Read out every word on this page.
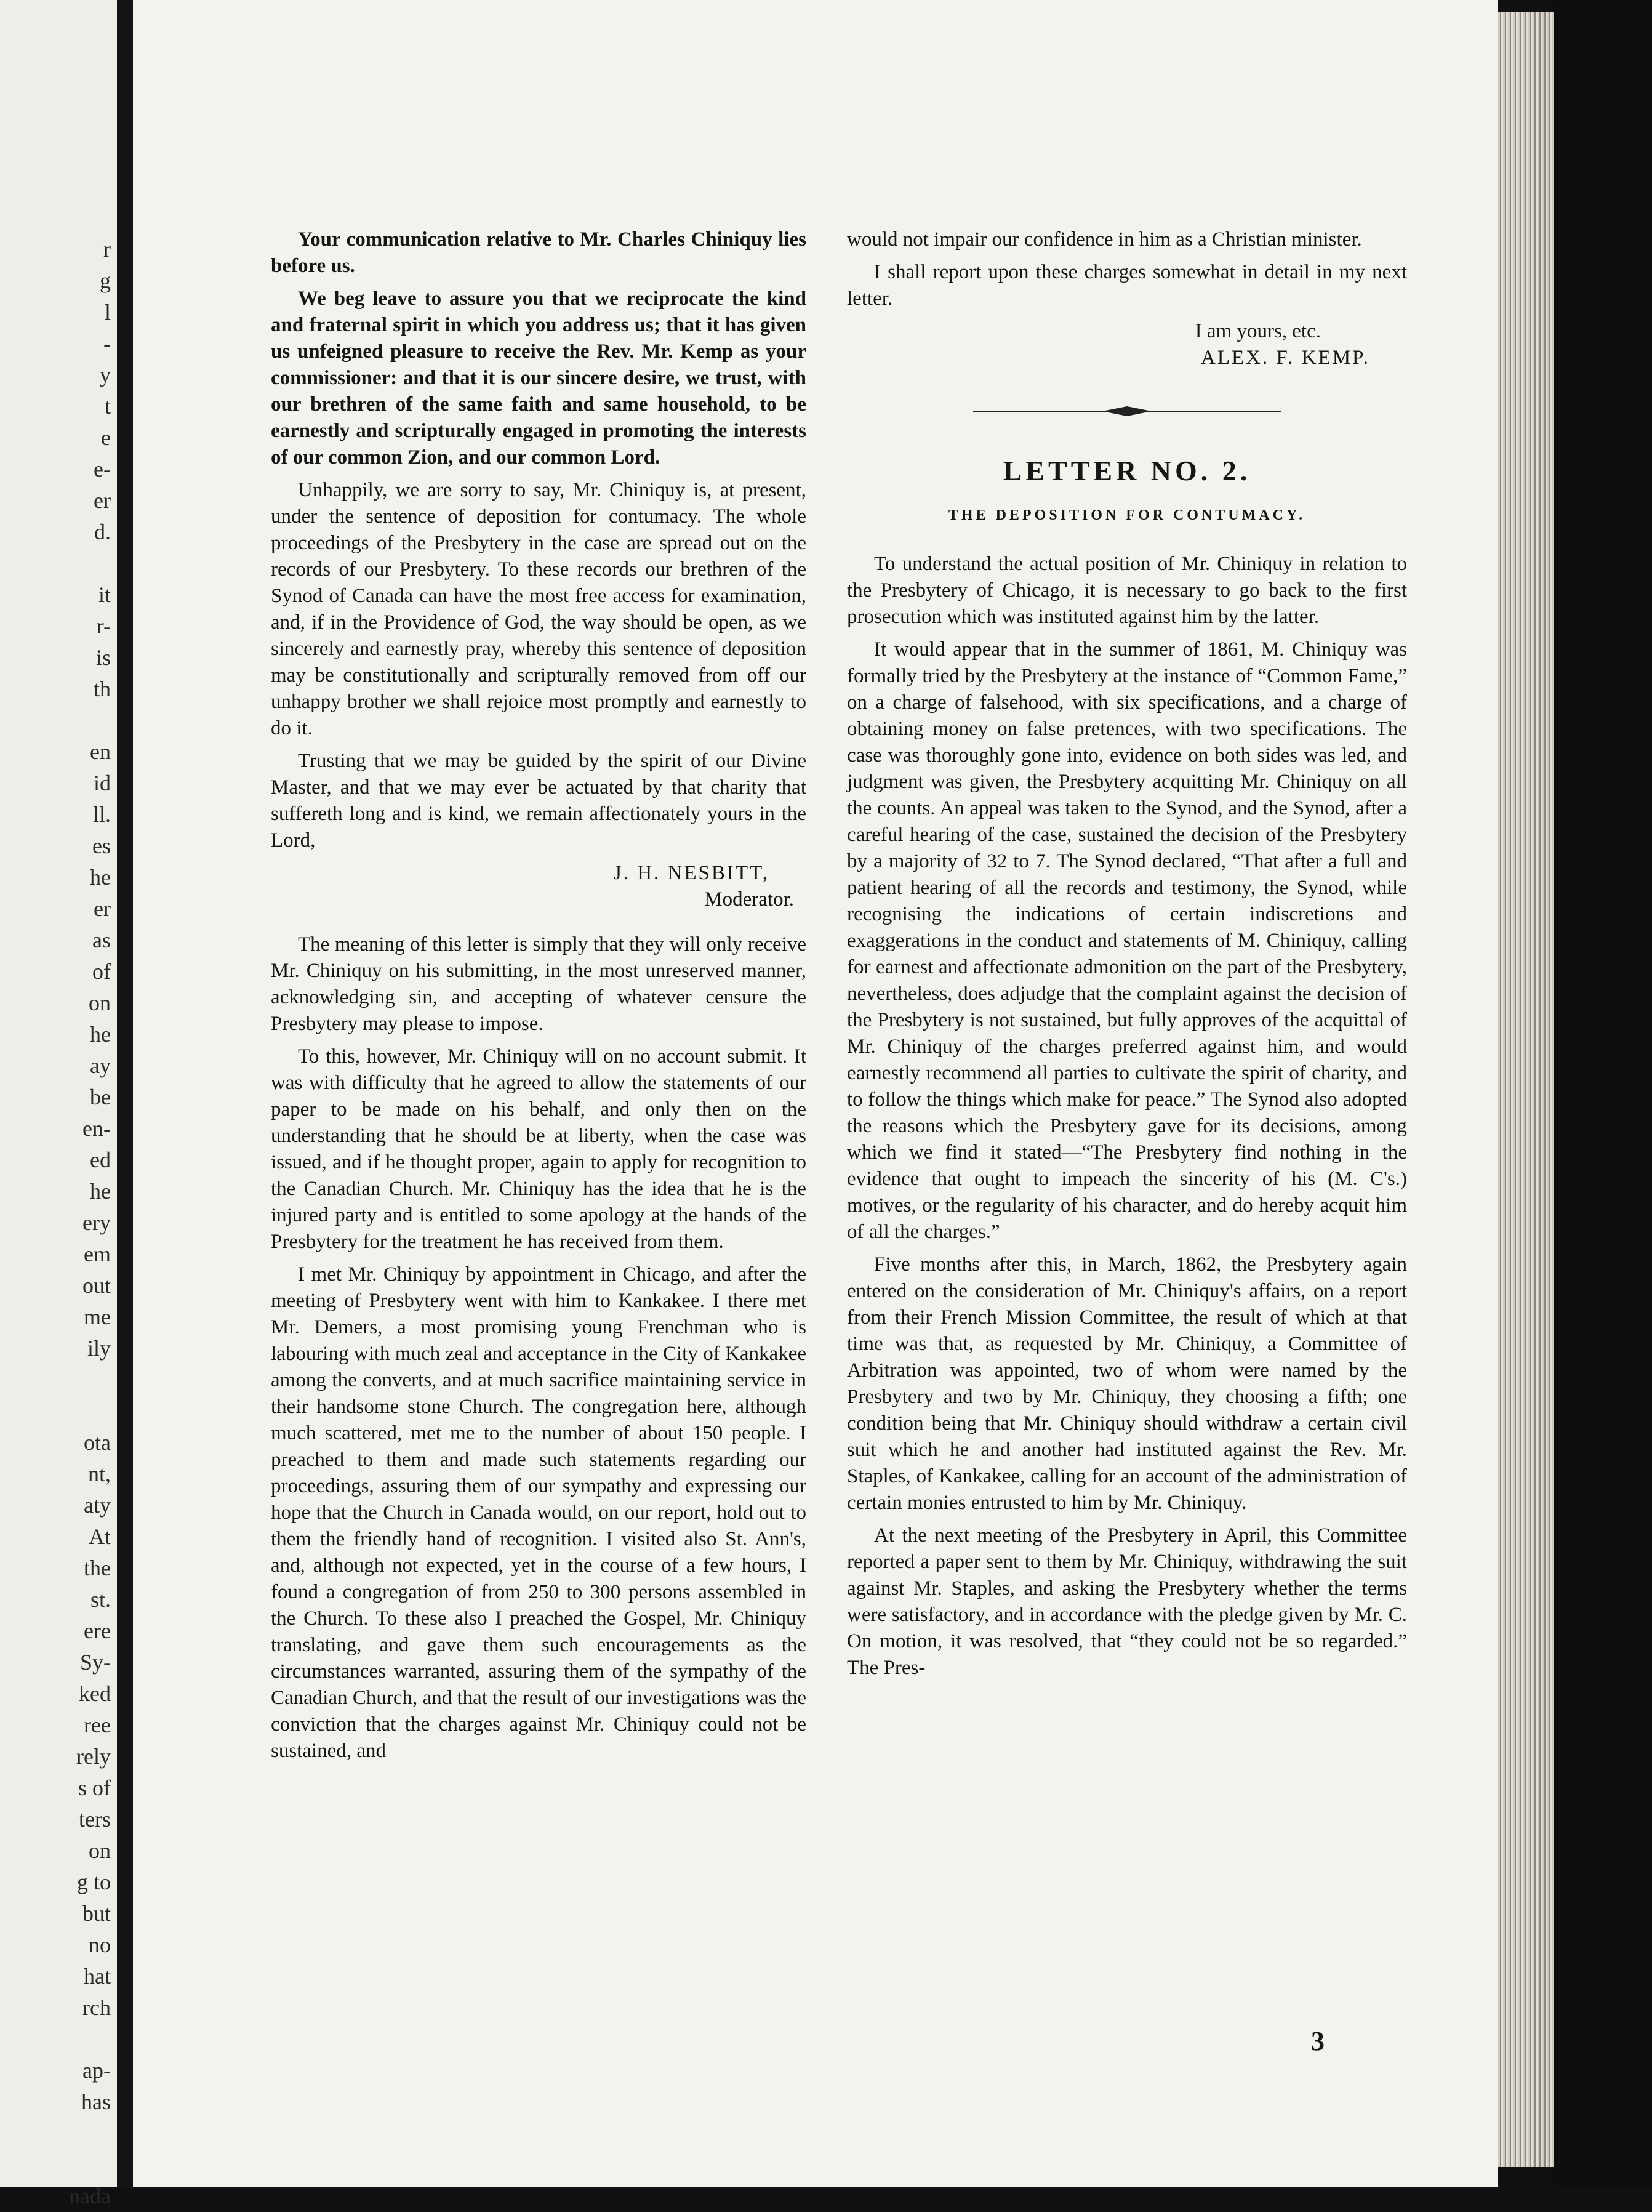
r
g
l
-
y
t
e
e-
er
d.
it
r-
is
th
en
id
ll.
es
he
er
as
of
on
he
ay
be
en-
ed
he
ery
em
out
me
ily
ota
nt,
aty
At
the
st.
ere
Sy-
ked
ree
rely
s of
ters
on
g to
but
no
hat
rch
ap-
has
nada

Your communication relative to Mr. Charles Chiniquy lies before us.

We beg leave to assure you that we reciprocate the kind and fraternal spirit in which you address us; that it has given us unfeigned pleasure to receive the Rev. Mr. Kemp as your commissioner: and that it is our sincere desire, we trust, with our brethren of the same faith and same household, to be earnestly and scripturally engaged in promoting the interests of our common Zion, and our common Lord.

Unhappily, we are sorry to say, Mr. Chiniquy is, at present, under the sentence of deposition for contumacy. The whole proceedings of the Presbytery in the case are spread out on the records of our Presbytery. To these records our brethren of the Synod of Canada can have the most free access for examination, and, if in the Providence of God, the way should be open, as we sincerely and earnestly pray, whereby this sentence of deposition may be constitutionally and scripturally removed from off our unhappy brother we shall rejoice most promptly and earnestly to do it.

Trusting that we may be guided by the spirit of our Divine Master, and that we may ever be actuated by that charity that suffereth long and is kind, we remain affectionately yours in the Lord,

J. H. NESBITT,

Moderator.

The meaning of this letter is simply that they will only receive Mr. Chiniquy on his submitting, in the most unreserved manner, acknowledging sin, and accepting of whatever censure the Presbytery may please to impose.

To this, however, Mr. Chiniquy will on no account submit. It was with difficulty that he agreed to allow the statements of our paper to be made on his behalf, and only then on the understanding that he should be at liberty, when the case was issued, and if he thought proper, again to apply for recognition to the Canadian Church. Mr. Chiniquy has the idea that he is the injured party and is entitled to some apology at the hands of the Presbytery for the treatment he has received from them.

I met Mr. Chiniquy by appointment in Chicago, and after the meeting of Presbytery went with him to Kankakee. I there met Mr. Demers, a most promising young Frenchman who is labouring with much zeal and acceptance in the City of Kankakee among the converts, and at much sacrifice maintaining service in their handsome stone Church. The congregation here, although much scattered, met me to the number of about 150 people. I preached to them and made such statements regarding our proceedings, assuring them of our sympathy and expressing our hope that the Church in Canada would, on our report, hold out to them the friendly hand of recognition. I visited also St. Ann's, and, although not expected, yet in the course of a few hours, I found a congregation of from 250 to 300 persons assembled in the Church. To these also I preached the Gospel, Mr. Chiniquy translating, and gave them such encouragements as the circumstances warranted, assuring them of the sympathy of the Canadian Church, and that the result of our investigations was the conviction that the charges against Mr. Chiniquy could not be sustained, and

would not impair our confidence in him as a Christian minister.

I shall report upon these charges somewhat in detail in my next letter.

I am yours, etc.

ALEX. F. KEMP.

LETTER NO. 2.
THE DEPOSITION FOR CONTUMACY.

To understand the actual position of Mr. Chiniquy in relation to the Presbytery of Chicago, it is necessary to go back to the first prosecution which was instituted against him by the latter.

It would appear that in the summer of 1861, M. Chiniquy was formally tried by the Presbytery at the instance of “Common Fame,” on a charge of falsehood, with six specifications, and a charge of obtaining money on false pretences, with two specifications. The case was thoroughly gone into, evidence on both sides was led, and judgment was given, the Presbytery acquitting Mr. Chiniquy on all the counts. An appeal was taken to the Synod, and the Synod, after a careful hearing of the case, sustained the decision of the Presbytery by a majority of 32 to 7. The Synod declared, “That after a full and patient hearing of all the records and testimony, the Synod, while recognising the indications of certain indiscretions and exaggerations in the conduct and statements of M. Chiniquy, calling for earnest and affectionate admonition on the part of the Presbytery, nevertheless, does adjudge that the complaint against the decision of the Presbytery is not sustained, but fully approves of the acquittal of Mr. Chiniquy of the charges preferred against him, and would earnestly recommend all parties to cultivate the spirit of charity, and to follow the things which make for peace.” The Synod also adopted the reasons which the Presbytery gave for its decisions, among which we find it stated—“The Presbytery find nothing in the evidence that ought to impeach the sincerity of his (M. C's.) motives, or the regularity of his character, and do hereby acquit him of all the charges.”

Five months after this, in March, 1862, the Presbytery again entered on the consideration of Mr. Chiniquy's affairs, on a report from their French Mission Committee, the result of which at that time was that, as requested by Mr. Chiniquy, a Committee of Arbitration was appointed, two of whom were named by the Presbytery and two by Mr. Chiniquy, they choosing a fifth; one condition being that Mr. Chiniquy should withdraw a certain civil suit which he and another had instituted against the Rev. Mr. Staples, of Kankakee, calling for an account of the administration of certain monies entrusted to him by Mr. Chiniquy.

At the next meeting of the Presbytery in April, this Committee reported a paper sent to them by Mr. Chiniquy, withdrawing the suit against Mr. Staples, and asking the Presbytery whether the terms were satisfactory, and in accordance with the pledge given by Mr. C. On motion, it was resolved, that “they could not be so regarded.” The Pres-

3
